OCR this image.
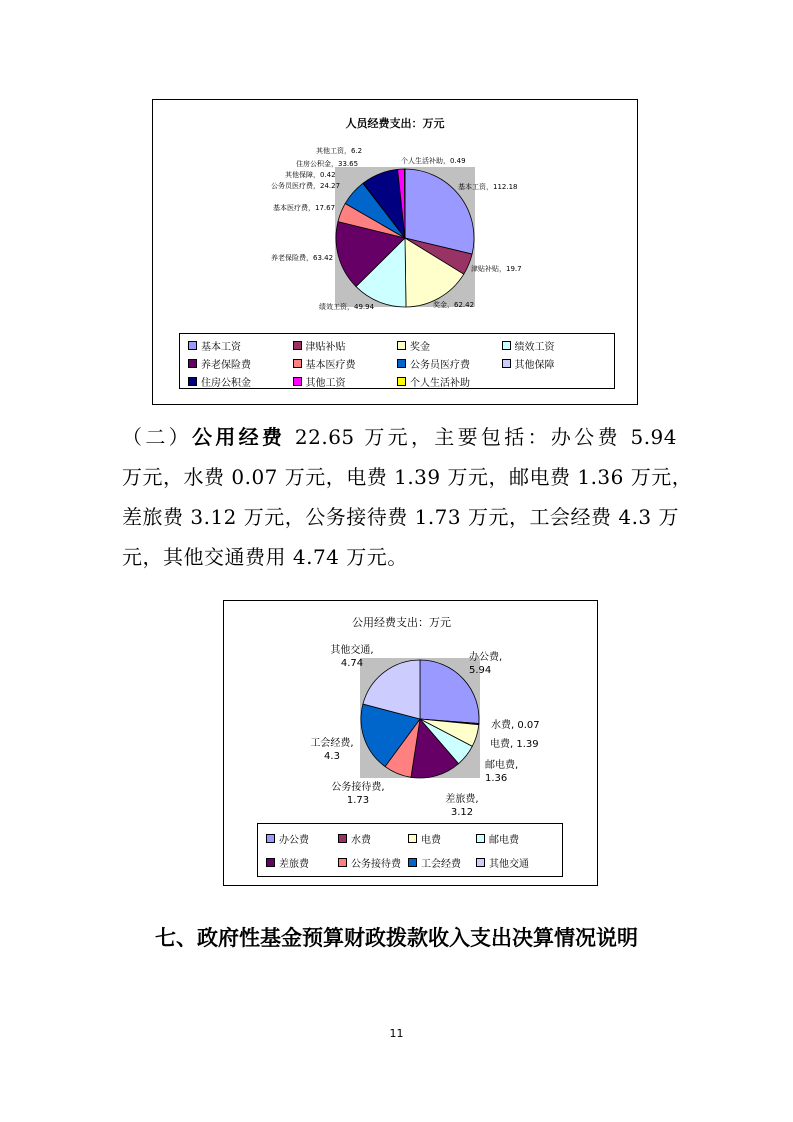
人员经费支出：万元
基本工资，112.18
津贴补贴，19.7
奖金，62.42
绩效工资，49.94
养老保险费，63.42
基本医疗费，17.67
公务员医疗费，24.27
其他保障，0.42
住房公积金，33.65
其他工资，6.2
个人生活补助，0.49
基本工资	津贴补贴	奖金	绩效工资
养老保险费	基本医疗费	公务员医疗费	其他保障
住房公积金	其他工资	个人生活补助
（二）公用经费 22.65 万元，主要包括：办公费 5.94
万元，水费 0.07 万元，电费 1.39 万元，邮电费 1.36 万元，
差旅费 3.12 万元，公务接待费 1.73 万元，工会经费 4.3 万
元，其他交通费用 4.74 万元。
公用经费支出：万元
办公费, 5.94
水费, 0.07
电费, 1.39
邮电费, 1.36
差旅费, 3.12
公务接待费, 1.73
工会经费, 4.3
其他交通, 4.74
办公费	水费	电费	邮电费
差旅费	公务接待费 工会经费	其他交通
七、政府性基金预算财政拨款收入支出决算情况说明
11
